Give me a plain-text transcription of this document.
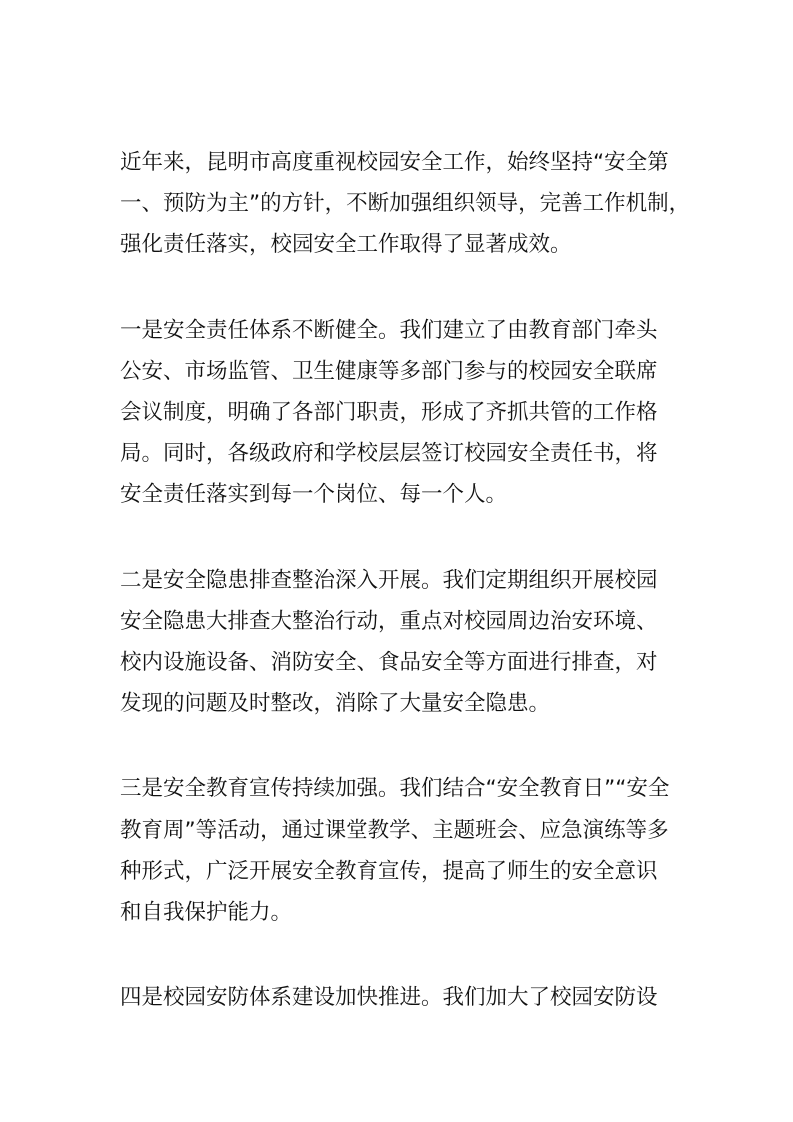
近年来，昆明市高度重视校园安全工作，始终坚持“安全第
一、预防为主”的方针，不断加强组织领导，完善工作机制，
强化责任落实，校园安全工作取得了显著成效。

一是安全责任体系不断健全。我们建立了由教育部门牵头
公安、市场监管、卫生健康等多部门参与的校园安全联席
会议制度，明确了各部门职责，形成了齐抓共管的工作格
局。同时，各级政府和学校层层签订校园安全责任书，将
安全责任落实到每一个岗位、每一个人。

二是安全隐患排查整治深入开展。我们定期组织开展校园
安全隐患大排查大整治行动，重点对校园周边治安环境、
校内设施设备、消防安全、食品安全等方面进行排查，对
发现的问题及时整改，消除了大量安全隐患。

三是安全教育宣传持续加强。我们结合“安全教育日”“安全
教育周”等活动，通过课堂教学、主题班会、应急演练等多
种形式，广泛开展安全教育宣传，提高了师生的安全意识
和自我保护能力。

四是校园安防体系建设加快推进。我们加大了校园安防设
